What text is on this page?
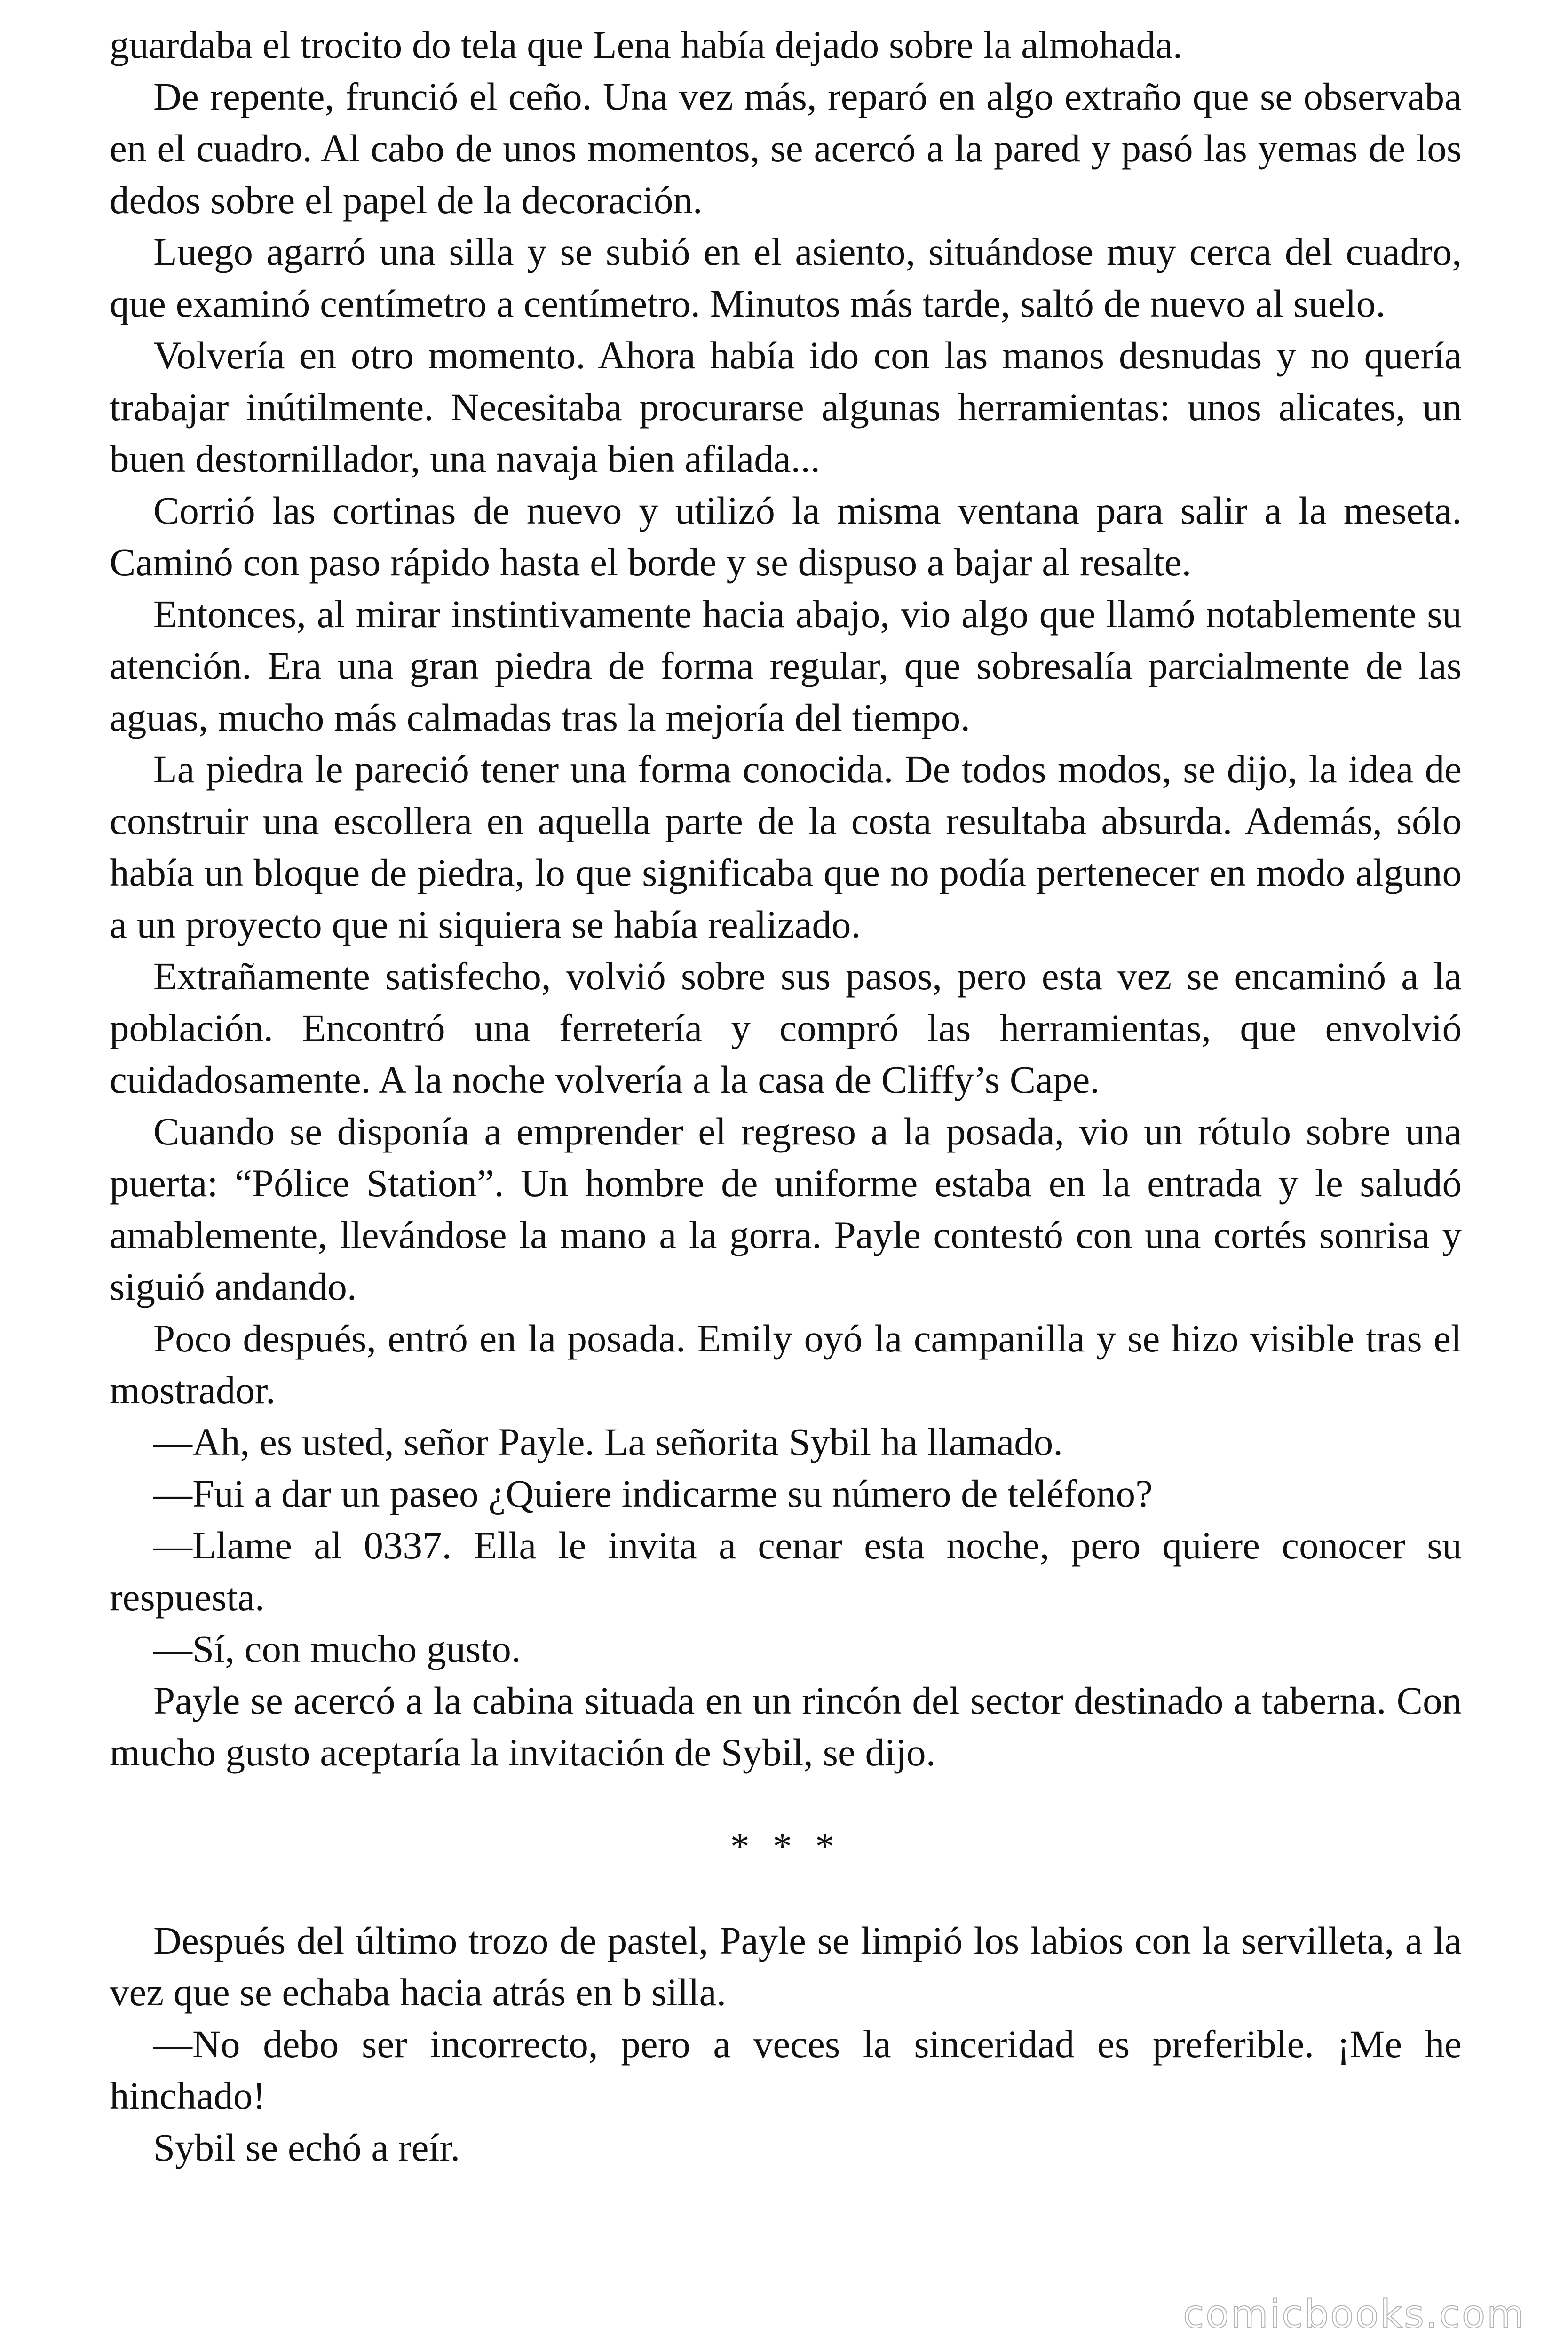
guardaba el trocito do tela que Lena había dejado sobre la almohada.

De repente, frunció el ceño. Una vez más, reparó en algo extraño que se observaba en el cuadro. Al cabo de unos momentos, se acercó a la pared y pasó las yemas de los dedos sobre el papel de la decoración.

Luego agarró una silla y se subió en el asiento, situándose muy cerca del cuadro, que examinó centímetro a centímetro. Minutos más tarde, saltó de nuevo al suelo.

Volvería en otro momento. Ahora había ido con las manos desnudas y no quería trabajar inútilmente. Necesitaba procurarse algunas herramientas: unos alicates, un buen destornillador, una navaja bien afilada...

Corrió las cortinas de nuevo y utilizó la misma ventana para salir a la meseta. Caminó con paso rápido hasta el borde y se dispuso a bajar al resalte.

Entonces, al mirar instintivamente hacia abajo, vio algo que llamó notablemente su atención. Era una gran piedra de forma regular, que sobresalía parcialmente de las aguas, mucho más calmadas tras la mejoría del tiempo.

La piedra le pareció tener una forma conocida. De todos modos, se dijo, la idea de construir una escollera en aquella parte de la costa resultaba absurda. Además, sólo había un bloque de piedra, lo que significaba que no podía pertenecer en modo alguno a un proyecto que ni siquiera se había realizado.

Extrañamente satisfecho, volvió sobre sus pasos, pero esta vez se encaminó a la población. Encontró una ferretería y compró las herramientas, que envolvió cuidadosamente. A la noche volvería a la casa de Cliffy’s Cape.

Cuando se disponía a emprender el regreso a la posada, vio un rótulo sobre una puerta: “Pólice Station”. Un hombre de uniforme estaba en la entrada y le saludó amablemente, llevándose la mano a la gorra. Payle contestó con una cortés sonrisa y siguió andando.

Poco después, entró en la posada. Emily oyó la campanilla y se hizo visible tras el mostrador.

—Ah, es usted, señor Payle. La señorita Sybil ha llamado.

—Fui a dar un paseo ¿Quiere indicarme su número de teléfono?

—Llame al 0337. Ella le invita a cenar esta noche, pero quiere conocer su respuesta.

—Sí, con mucho gusto.

Payle se acercó a la cabina situada en un rincón del sector destinado a taberna. Con mucho gusto aceptaría la invitación de Sybil, se dijo.

* * *

Después del último trozo de pastel, Payle se limpió los labios con la servilleta, a la vez que se echaba hacia atrás en b silla.

—No debo ser incorrecto, pero a veces la sinceridad es preferible. ¡Me he hinchado!

Sybil se echó a reír.

comicbooks.com
